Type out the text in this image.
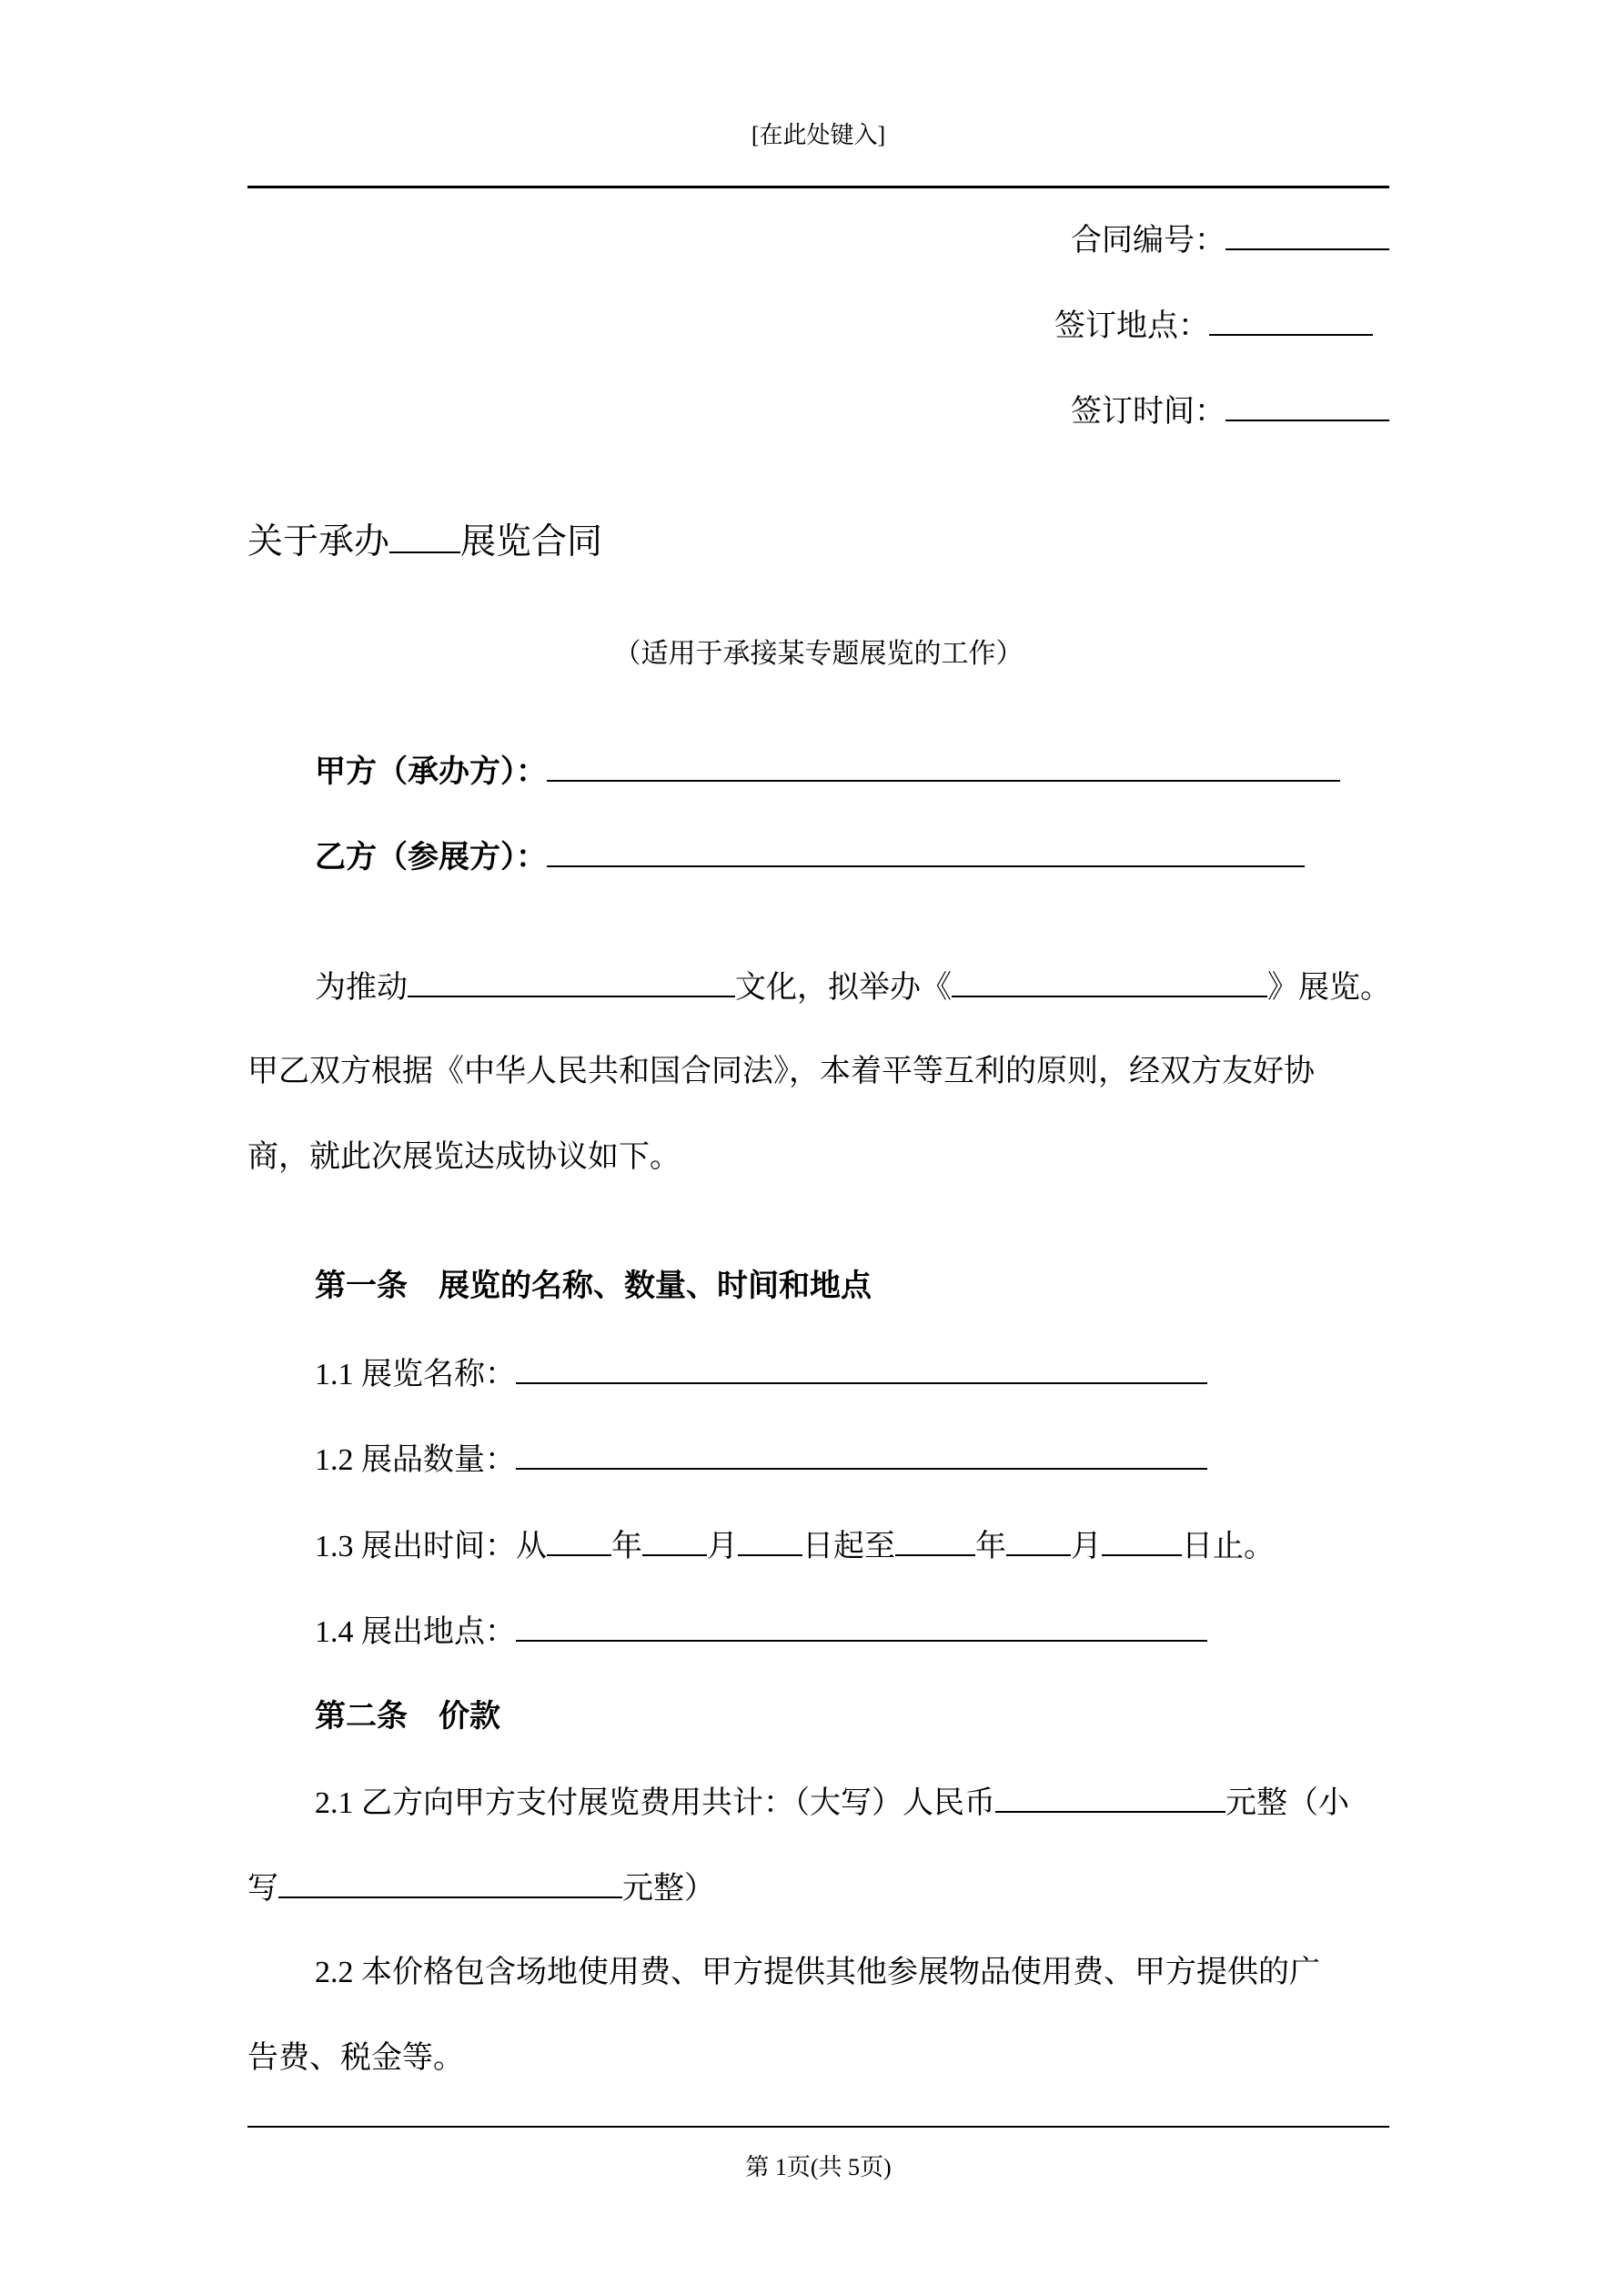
[在此处键入]
合同编号：
签订地点：
签订时间：
关于承办 展览合同
（适用于承接某专题展览的工作）
甲方（承办方）：
乙方（参展方）：
为推动	文化，拟举办《	》展览。
甲乙双方根据《中华人民共和国合同法》，本着平等互利的原则，经双方友好协
商，就此次展览达成协议如下。
第一条　展览的名称、数量、时间和地点
1.1 展览名称：
1.2 展品数量：
1.3 展出时间：从 年 月 日起至	年 月	日止。
1.4 展出地点：
第二条　价款
2.1 乙方向甲方支付展览费用共计：（大写）人民币	元整（小
写	元整）
2.2 本价格包含场地使用费、甲方提供其他参展物品使用费、甲方提供的广
告费、税金等。
第 1页(共 5页)
